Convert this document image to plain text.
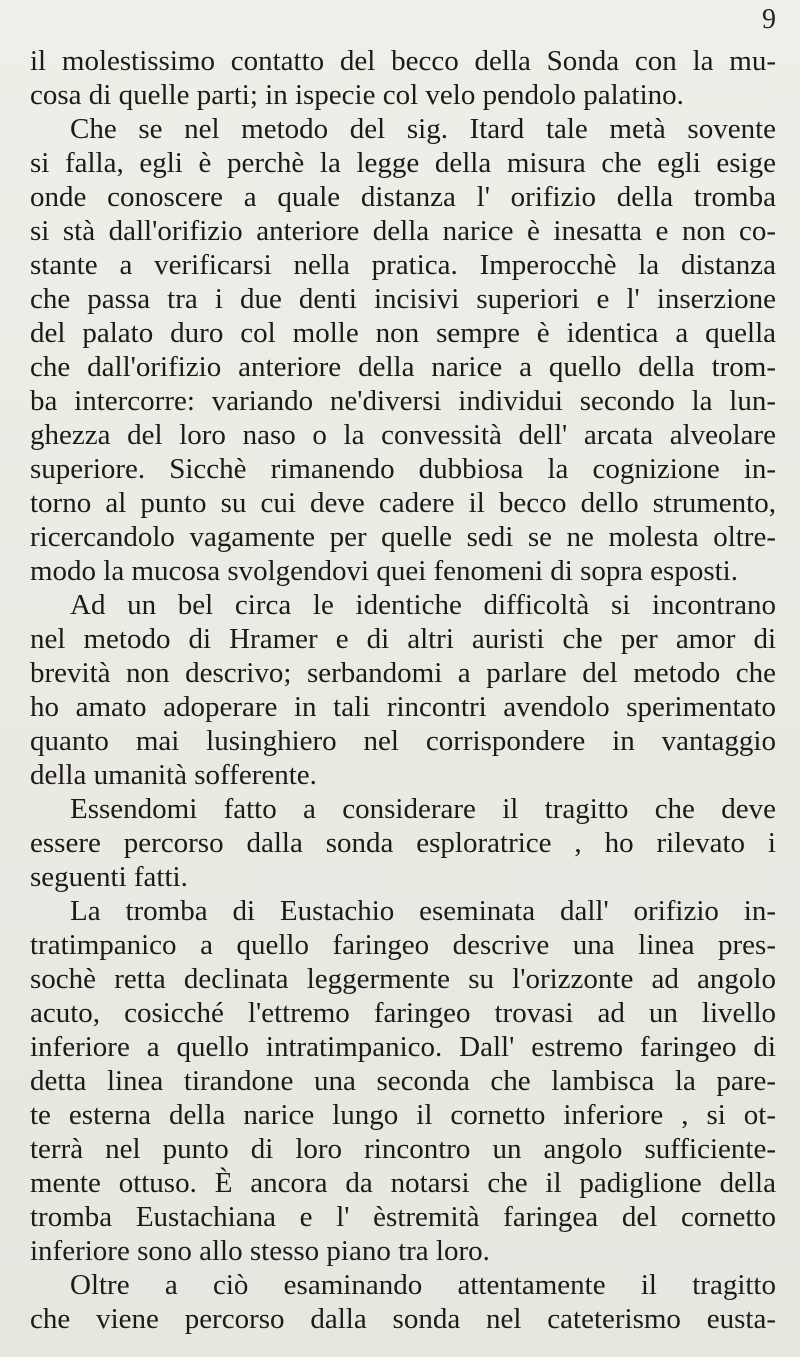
9
il molestissimo contatto del becco della Sonda con la mu-
cosa di quelle parti; in ispecie col velo pendolo palatino.
Che se nel metodo del sig. Itard tale metà sovente
si falla, egli è perchè la legge della misura che egli esige
onde conoscere a quale distanza l' orifizio della tromba
si stà dall'orifizio anteriore della narice è inesatta e non co-
stante a verificarsi nella pratica. Imperocchè la distanza
che passa tra i due denti incisivi superiori e l' inserzione
del palato duro col molle non sempre è identica a quella
che dall'orifizio anteriore della narice a quello della trom-
ba intercorre: variando ne'diversi individui secondo la lun-
ghezza del loro naso o la convessità dell' arcata alveolare
superiore. Sicchè rimanendo dubbiosa la cognizione in-
torno al punto su cui deve cadere il becco dello strumento,
ricercandolo vagamente per quelle sedi se ne molesta oltre-
modo la mucosa svolgendovi quei fenomeni di sopra esposti.
Ad un bel circa le identiche difficoltà si incontrano
nel metodo di Hramer e di altri auristi che per amor di
brevità non descrivo; serbandomi a parlare del metodo che
ho amato adoperare in tali rincontri avendolo sperimentato
quanto mai lusinghiero nel corrispondere in vantaggio
della umanità sofferente.
Essendomi fatto a considerare il tragitto che deve
essere percorso dalla sonda esploratrice , ho rilevato i
seguenti fatti.
La tromba di Eustachio eseminata dall' orifizio in-
tratimpanico a quello faringeo descrive una linea pres-
sochè retta declinata leggermente su l'orizzonte ad angolo
acuto, cosicché l'ettremo faringeo trovasi ad un livello
inferiore a quello intratimpanico. Dall' estremo faringeo di
detta linea tirandone una seconda che lambisca la pare-
te esterna della narice lungo il cornetto inferiore , si ot-
terrà nel punto di loro rincontro un angolo sufficiente-
mente ottuso. È ancora da notarsi che il padiglione della
tromba Eustachiana e l' èstremità faringea del cornetto
inferiore sono allo stesso piano tra loro.
Oltre a ciò esaminando attentamente il tragitto
che viene percorso dalla sonda nel cateterismo eusta-
